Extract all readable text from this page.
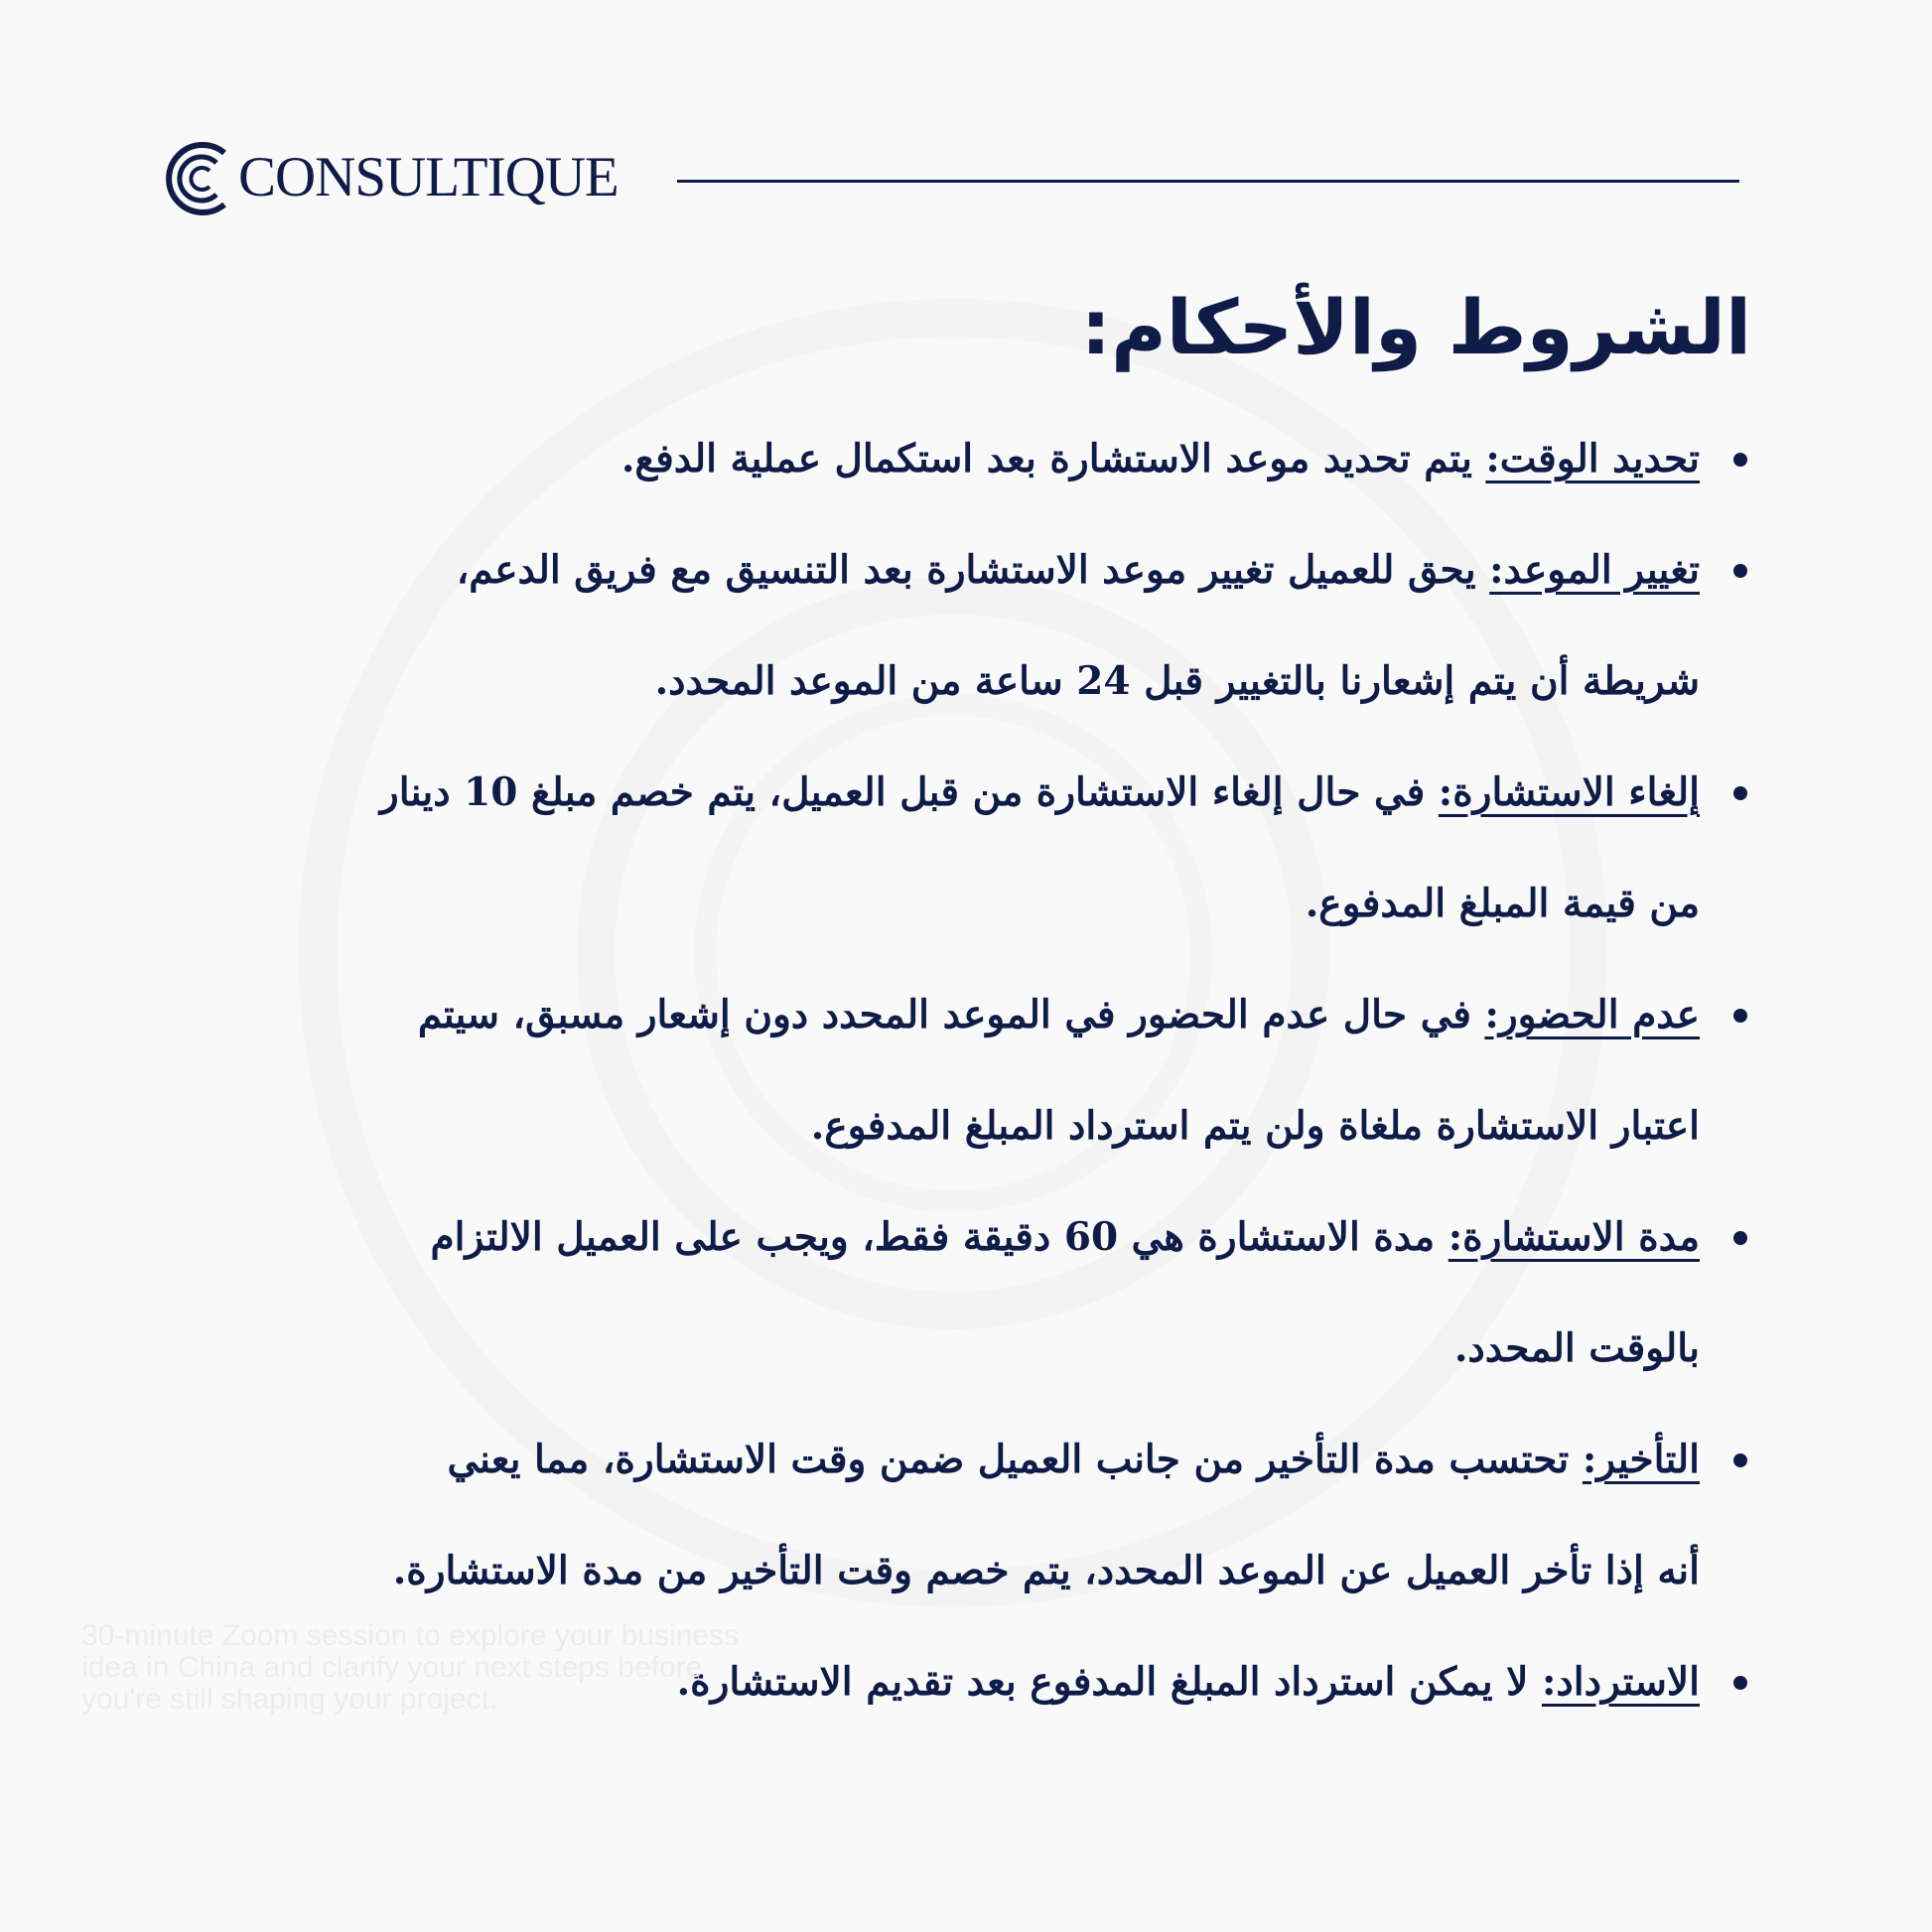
CONSULTIQUE
الشروط والأحكام:
تحديد الوقت: يتم تحديد موعد الاستشارة بعد استكمال عملية الدفع.
تغيير الموعد: يحق للعميل تغيير موعد الاستشارة بعد التنسيق مع فريق الدعم،
شريطة أن يتم إشعارنا بالتغيير قبل 24 ساعة من الموعد المحدد.
إلغاء الاستشارة: في حال إلغاء الاستشارة من قبل العميل، يتم خصم مبلغ 10 دينار
من قيمة المبلغ المدفوع.
عدم الحضور: في حال عدم الحضور في الموعد المحدد دون إشعار مسبق، سيتم
اعتبار الاستشارة ملغاة ولن يتم استرداد المبلغ المدفوع.
مدة الاستشارة: مدة الاستشارة هي 60 دقيقة فقط، ويجب على العميل الالتزام
بالوقت المحدد.
التأخير: تحتسب مدة التأخير من جانب العميل ضمن وقت الاستشارة، مما يعني
أنه إذا تأخر العميل عن الموعد المحدد، يتم خصم وقت التأخير من مدة الاستشارة.
الاسترداد: لا يمكن استرداد المبلغ المدفوع بعد تقديم الاستشارة.
30-minute Zoom session to explore your business
idea in China and clarify your next steps before
you're still shaping your project.
